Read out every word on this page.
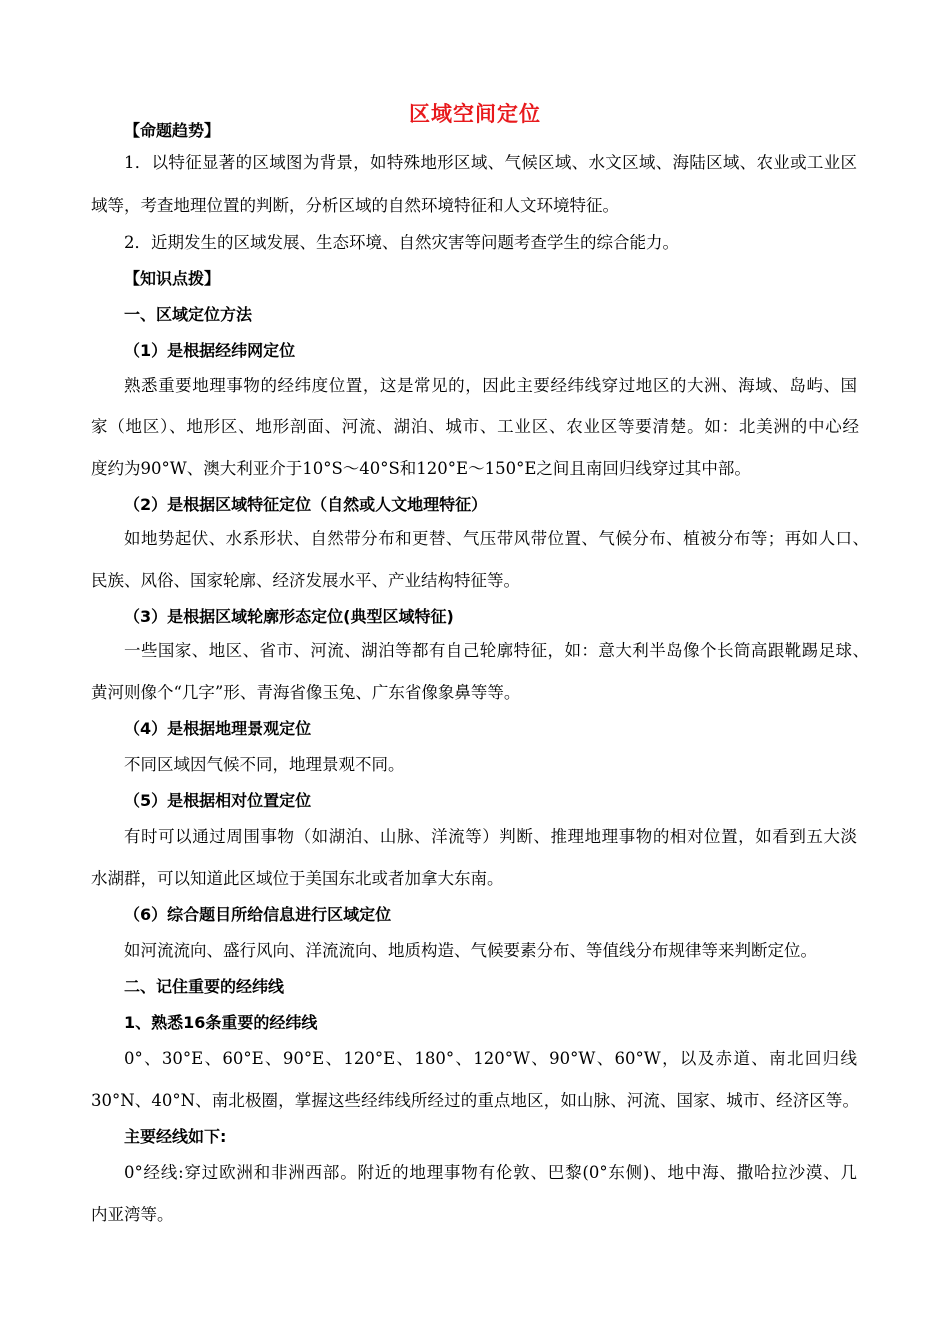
区域空间定位
【命题趋势】
1．以特征显著的区域图为背景，如特殊地形区域、气候区域、水文区域、海陆区域、农业或工业区
域等，考查地理位置的判断，分析区域的自然环境特征和人文环境特征。
2．近期发生的区域发展、生态环境、自然灾害等问题考查学生的综合能力。
【知识点拨】
一、区域定位方法
（1）是根据经纬网定位
熟悉重要地理事物的经纬度位置，这是常见的，因此主要经纬线穿过地区的大洲、海域、岛屿、国
家（地区）、地形区、地形剖面、河流、湖泊、城市、工业区、农业区等要清楚。如：北美洲的中心经
度约为90°W、澳大利亚介于10°S～40°S和120°E～150°E之间且南回归线穿过其中部。
（2）是根据区域特征定位（自然或人文地理特征）
如地势起伏、水系形状、自然带分布和更替、气压带风带位置、气候分布、植被分布等；再如人口、
民族、风俗、国家轮廓、经济发展水平、产业结构特征等。
（3）是根据区域轮廓形态定位(典型区域特征)
一些国家、地区、省市、河流、湖泊等都有自己轮廓特征，如：意大利半岛像个长筒高跟靴踢足球、
黄河则像个“几字”形、青海省像玉兔、广东省像象鼻等等。
（4）是根据地理景观定位
不同区域因气候不同，地理景观不同。
（5）是根据相对位置定位
有时可以通过周围事物（如湖泊、山脉、洋流等）判断、推理地理事物的相对位置，如看到五大淡
水湖群，可以知道此区域位于美国东北或者加拿大东南。
（6）综合题目所给信息进行区域定位
如河流流向、盛行风向、洋流流向、地质构造、气候要素分布、等值线分布规律等来判断定位。
二、记住重要的经纬线
1、熟悉16条重要的经纬线
0°、30°E、60°E、90°E、120°E、180°、120°W、90°W、60°W，以及赤道、南北回归线
30°N、40°N、南北极圈，掌握这些经纬线所经过的重点地区，如山脉、河流、国家、城市、经济区等。
主要经线如下:
0°经线:穿过欧洲和非洲西部。附近的地理事物有伦敦、巴黎(0°东侧)、地中海、撒哈拉沙漠、几
内亚湾等。
